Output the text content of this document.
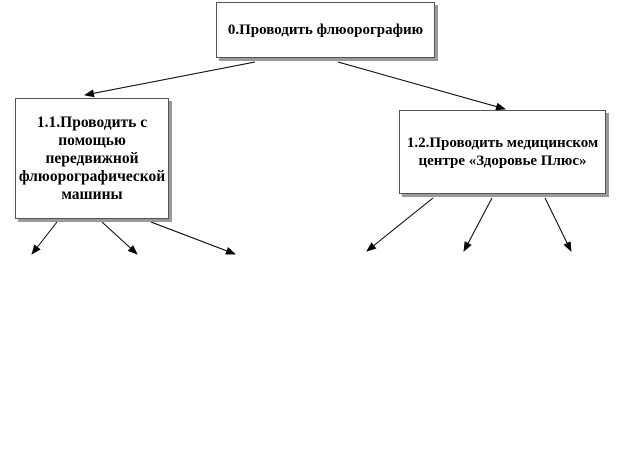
0.Проводить флюорографию
1.1.Проводить с помощью передвижной флюорографической машины
1.2.Проводить медицинском центре «Здоровье Плюс»
